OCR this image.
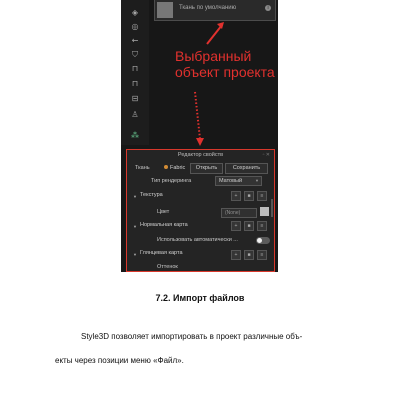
◈
◎
←
⛉
⊓
⊓
⊟
♙
⁂
Ткань по умолчанию	i
Выбранный
объект проекта
Редактор свойств	▫ ✕
Ткань	Fabric	Открыть	Сохранить
Тип рендеринга	Матовый	▼
▼ Текстура	+	■	≡
Цвет	(None)
▼ Нормальная карта	+	■	≡
Использовать автоматически ...
▼ Глянцевая карта	+	■	≡
Оттенок
7.2. Импорт файлов

Style3D позволяет импортировать в проект различные объ-
екты через позиции меню «Файл».
